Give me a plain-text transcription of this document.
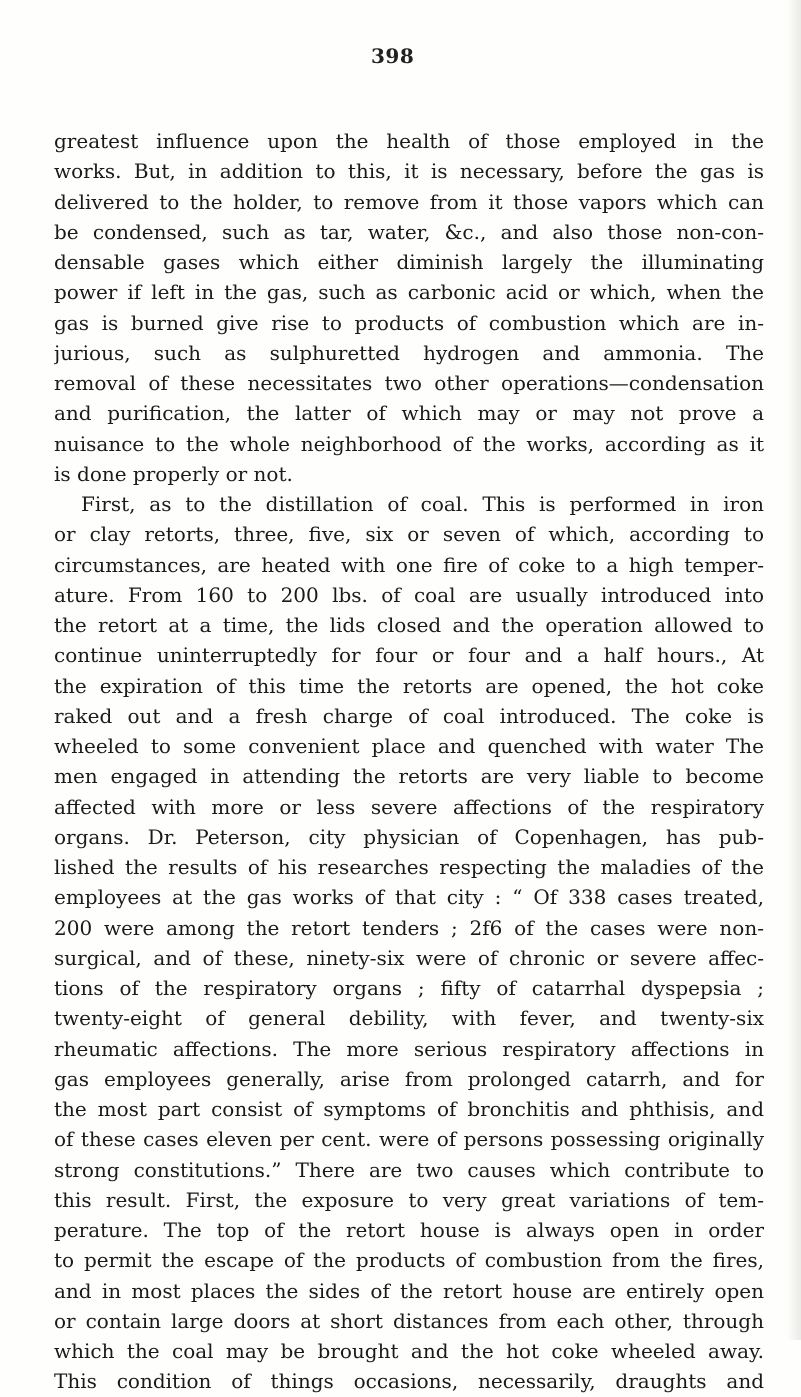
398
greatest influence upon the health of those employed in the
works. But, in addition to this, it is necessary, before the gas is
delivered to the holder, to remove from it those vapors which can
be condensed, such as tar, water, &c., and also those non-con-
densable gases which either diminish largely the illuminating
power if left in the gas, such as carbonic acid or which, when the
gas is burned give rise to products of combustion which are in-
jurious, such as sulphuretted hydrogen and ammonia. The
removal of these necessitates two other operations—condensation
and purification, the latter of which may or may not prove a
nuisance to the whole neighborhood of the works, according as it
is done properly or not.
First, as to the distillation of coal. This is performed in iron
or clay retorts, three, five, six or seven of which, according to
circumstances, are heated with one fire of coke to a high temper-
ature. From 160 to 200 lbs. of coal are usually introduced into
the retort at a time, the lids closed and the operation allowed to
continue uninterruptedly for four or four and a half hours., At
the expiration of this time the retorts are opened, the hot coke
raked out and a fresh charge of coal introduced. The coke is
wheeled to some convenient place and quenched with water The
men engaged in attending the retorts are very liable to become
affected with more or less severe affections of the respiratory
organs. Dr. Peterson, city physician of Copenhagen, has pub-
lished the results of his researches respecting the maladies of the
employees at the gas works of that city : “ Of 338 cases treated,
200 were among the retort tenders ; 2f6 of the cases were non-
surgical, and of these, ninety-six were of chronic or severe affec-
tions of the respiratory organs ; fifty of catarrhal dyspepsia ;
twenty-eight of general debility, with fever, and twenty-six
rheumatic affections. The more serious respiratory affections in
gas employees generally, arise from prolonged catarrh, and for
the most part consist of symptoms of bronchitis and phthisis, and
of these cases eleven per cent. were of persons possessing originally
strong constitutions.” There are two causes which contribute to
this result. First, the exposure to very great variations of tem-
perature. The top of the retort house is always open in order
to permit the escape of the products of combustion from the fires,
and in most places the sides of the retort house are entirely open
or contain large doors at short distances from each other, through
which the coal may be brought and the hot coke wheeled away.
This condition of things occasions, necessarily, draughts and
